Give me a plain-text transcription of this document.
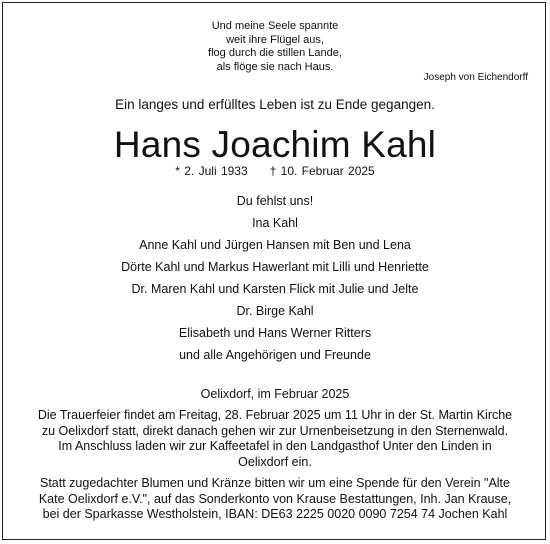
Und meine Seele spannte
weit ihre Flügel aus,
flog durch die stillen Lande,
als flöge sie nach Haus.
Joseph von Eichendorff
Ein langes und erfülltes Leben ist zu Ende gegangen.
Hans Joachim Kahl
* 2. Juli 1933 † 10. Februar 2025
Du fehlst uns!
Ina Kahl
Anne Kahl und Jürgen Hansen mit Ben und Lena
Dörte Kahl und Markus Hawerlant mit Lilli und Henriette
Dr. Maren Kahl und Karsten Flick mit Julie und Jelte
Dr. Birge Kahl
Elisabeth und Hans Werner Ritters
und alle Angehörigen und Freunde
Oelixdorf, im Februar 2025
Die Trauerfeier findet am Freitag, 28. Februar 2025 um 11 Uhr in der St. Martin Kirche
zu Oelixdorf statt, direkt danach gehen wir zur Urnenbeisetzung in den Sternenwald.
Im Anschluss laden wir zur Kaffeetafel in den Landgasthof Unter den Linden in
Oelixdorf ein.
Statt zugedachter Blumen und Kränze bitten wir um eine Spende für den Verein "Alte
Kate Oelixdorf e.V.", auf das Sonderkonto von Krause Bestattungen, Inh. Jan Krause,
bei der Sparkasse Westholstein, IBAN: DE63 2225 0020 0090 7254 74 Jochen Kahl
